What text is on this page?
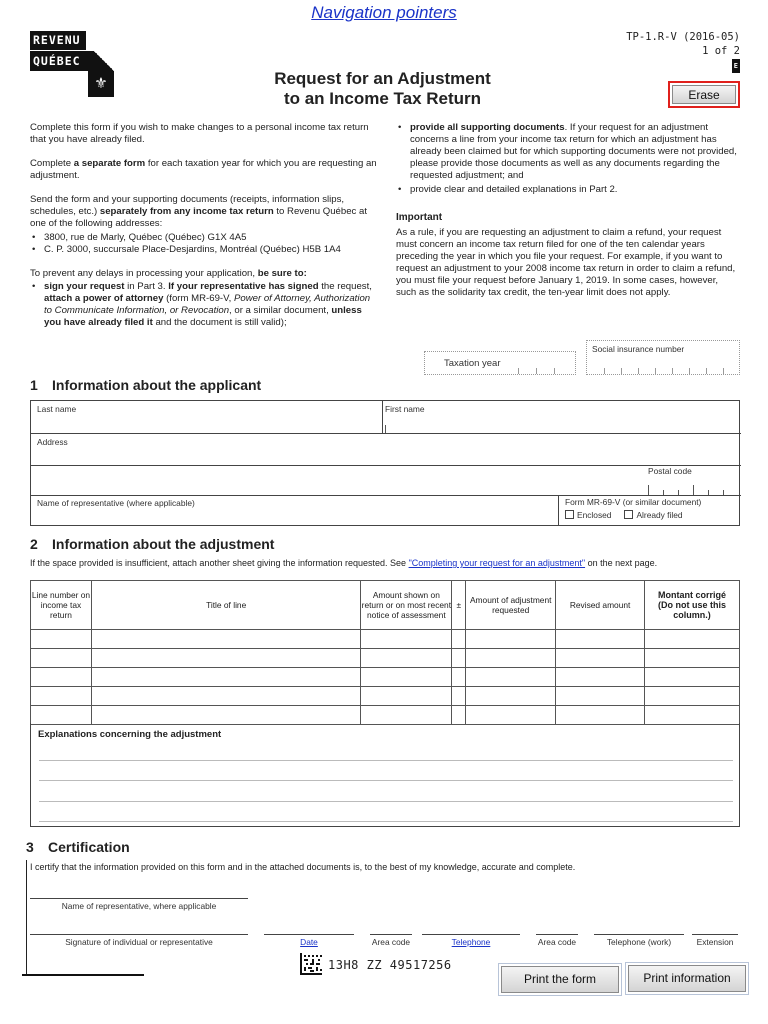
Navigation pointers
REVENU
QUÉBEC
⚜
TP-1.R-V (2016-05)
1 of 2
E
Erase
Request for an Adjustment
to an Income Tax Return

Complete this form if you wish to make changes to a personal income tax return that you have already filed.

Complete a separate form for each taxation year for which you are requesting an adjustment.

Send the form and your supporting documents (receipts, information slips, schedules, etc.) separately from any income tax return to Revenu Québec at one of the following addresses:

• 3800, rue de Marly, Québec (Québec) G1X 4A5
• C. P. 3000, succursale Place-Desjardins, Montréal (Québec) H5B 1A4

To prevent any delays in processing your application, be sure to:

• sign your request in Part 3. If your representative has signed the request, attach a power of attorney (form MR-69-V, Power of Attorney, Authorization to Communicate Information, or Revocation, or a similar document, unless you have already filed it and the document is still valid);
• provide all supporting documents. If your request for an adjustment concerns a line from your income tax return for which an adjustment has already been claimed but for which supporting documents were not provided, please provide those documents as well as any documents regarding the requested adjustment; and
• provide clear and detailed explanations in Part 2.
Important

As a rule, if you are requesting an adjustment to claim a refund, your request must concern an income tax return filed for one of the ten calendar years preceding the year in which you file your request. For example, if you want to request an adjustment to your 2008 income tax return in order to claim a refund, you must file your request before January 1, 2019. In some cases, however, such as the solidarity tax credit, the ten-year limit does not apply.

Taxation year
Social insurance number
1 Information about the applicant
Last name	First name
Address
Postal code
Name of representative (where applicable)	Form MR-69-V (or similar document)
Enclosed	Already filed
2 Information about the adjustment
If the space provided is insufficient, attach another sheet giving the information requested. See "Completing your request for an adjustment" on the next page.
Line number on income tax return	Title of line	Amount shown on return or on most recent notice of assessment	±	Amount of adjustment requested	Revised amount	Montant corrigé (Do not use this column.)

Explanations concerning the adjustment
3 Certification
I certify that the information provided on this form and in the attached documents is, to the best of my knowledge, accurate and complete.
Name of representative, where applicable
Signature of individual or representative	Date	Area code	Telephone	Area code	Telephone (work)	Extension
13H8 ZZ 49517256
Print the form	Print information
